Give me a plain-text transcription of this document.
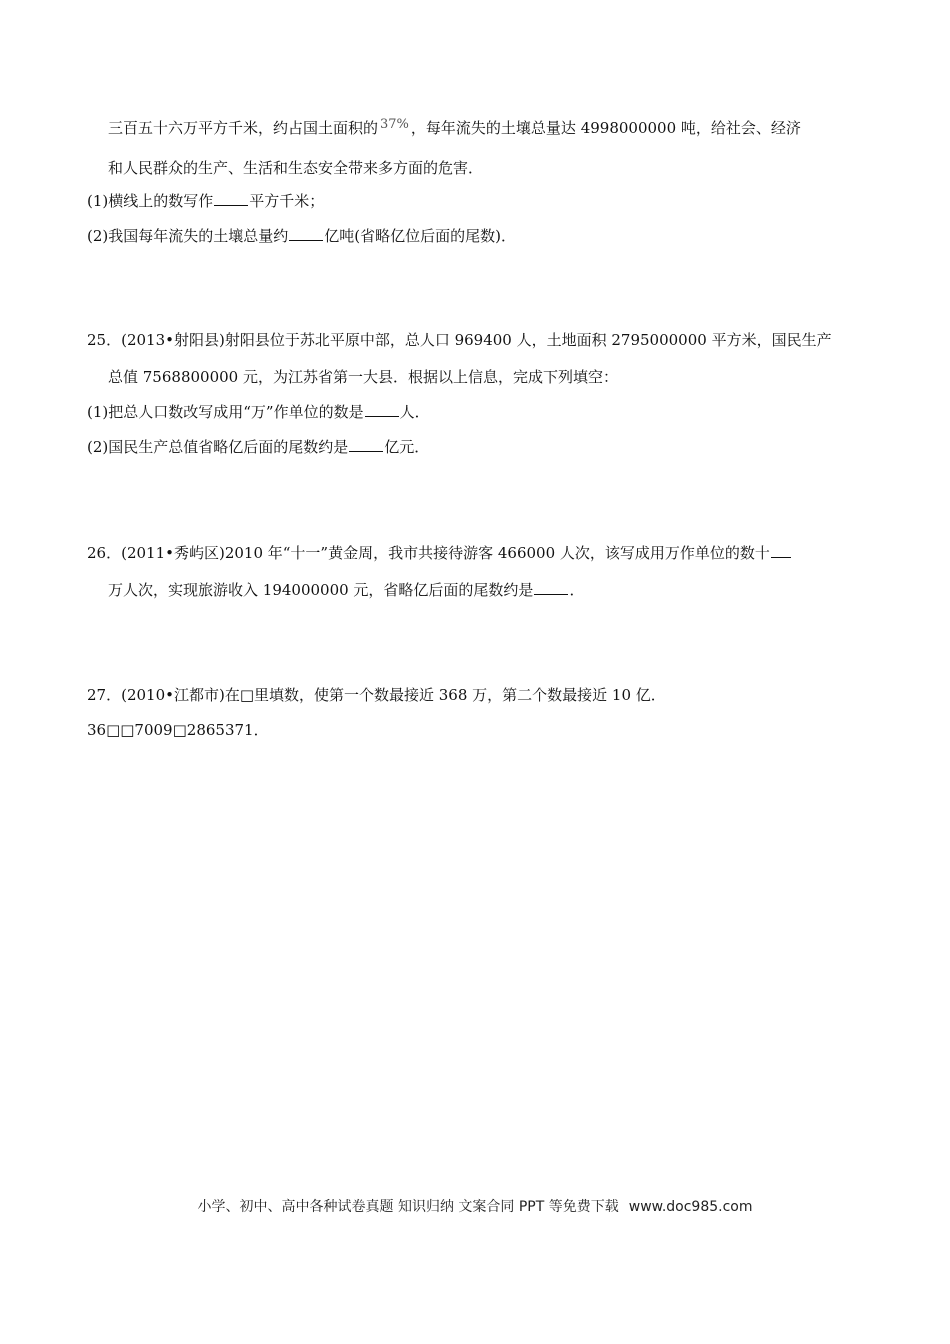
三百五十六万平方千米，约占国土面积的 37% ，每年流失的土壤总量达 4998000000 吨，给社会、经济
和人民群众的生产、生活和生态安全带来多方面的危害．
(1)横线上的数写作 平方千米；
(2)我国每年流失的土壤总量约 亿吨(省略亿位后面的尾数)．
25．(2013•射阳县)射阳县位于苏北平原中部，总人口 969400 人，土地面积 2795000000 平方米，国民生产
总值 7568800000 元，为江苏省第一大县．根据以上信息，完成下列填空：
(1)把总人口数改写成用“万”作单位的数是 人．
(2)国民生产总值省略亿后面的尾数约是 亿元．
26．(2011•秀屿区)2010 年“十一”黄金周，我市共接待游客 466000 人次，该写成用万作单位的数十
万人次，实现旅游收入 194000000 元，省略亿后面的尾数约是 ．
27．(2010•江都市)在□里填数，使第一个数最接近 368 万，第二个数最接近 10 亿．
36□□7009□2865371．
小学、初中、高中各种试卷真题 知识归纳 文案合同 PPT 等免费下载 www.doc985.com
